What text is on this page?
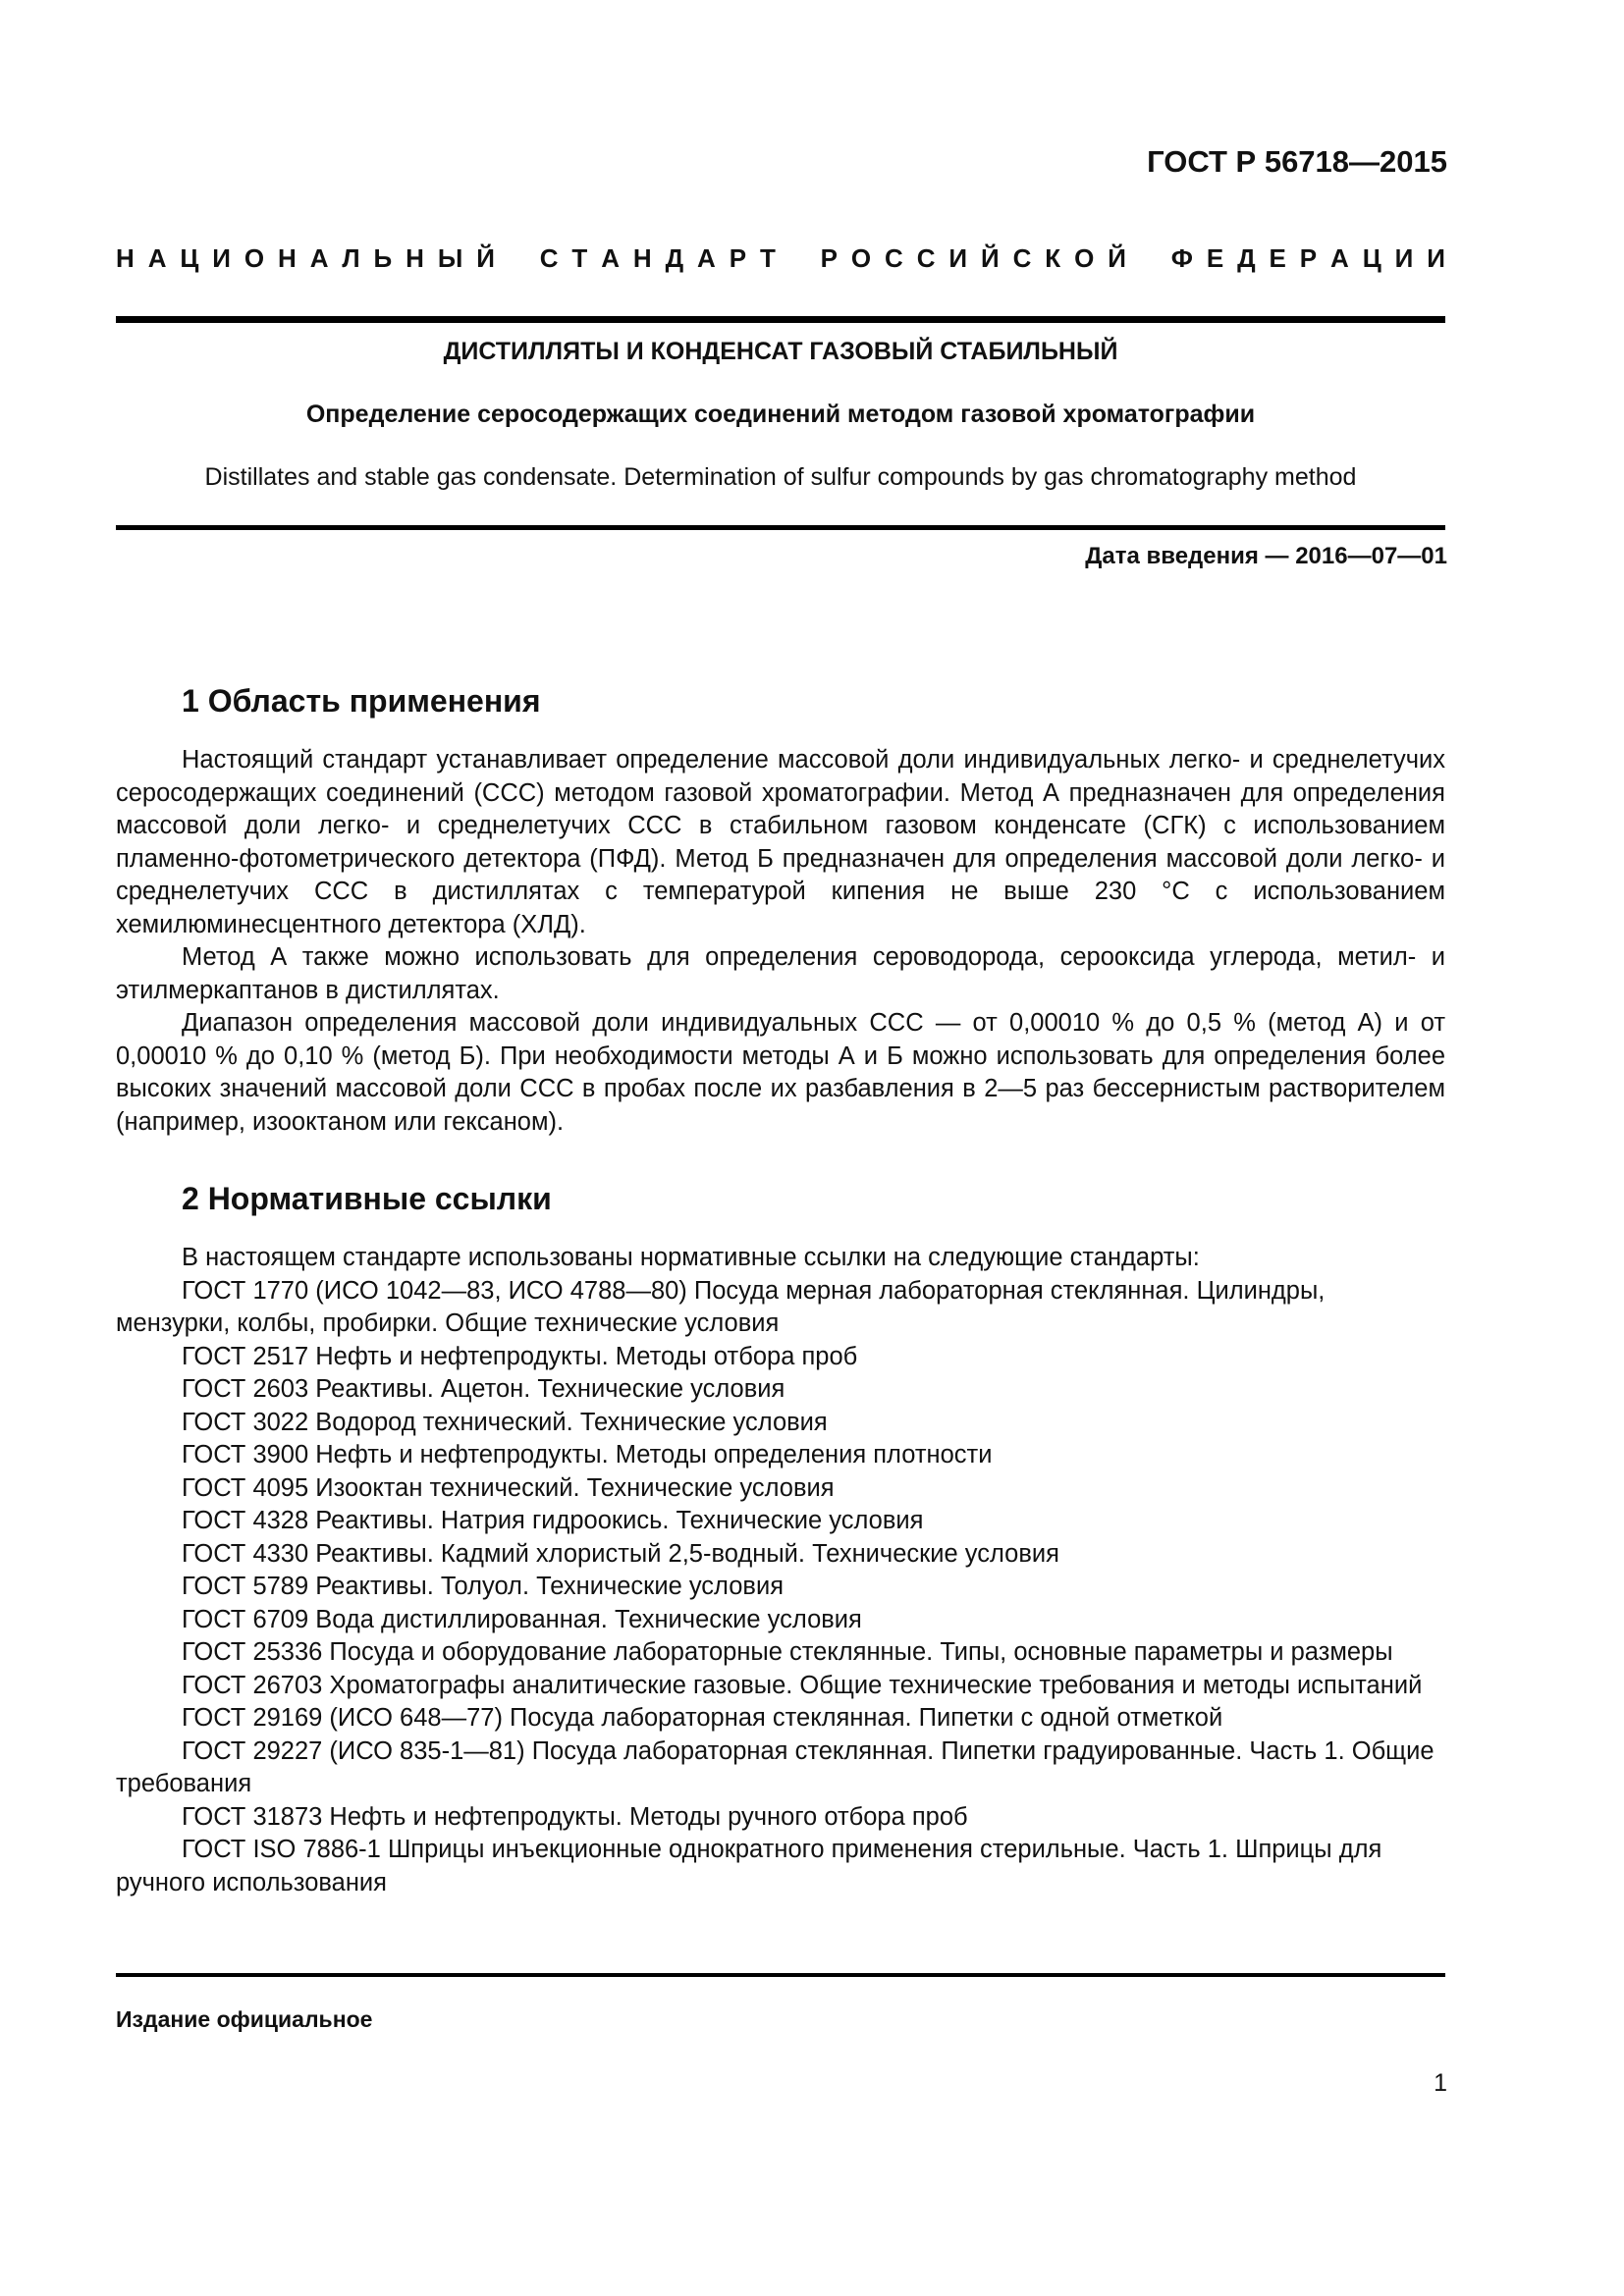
ГОСТ Р 56718—2015
Н А Ц И О Н А Л Ь Н Ы Й
С Т А Н Д А Р Т
Р О С С И Й С К О Й
Ф Е Д Е Р А Ц И И
ДИСТИЛЛЯТЫ И КОНДЕНСАТ ГАЗОВЫЙ СТАБИЛЬНЫЙ
Определение серосодержащих соединений методом газовой хроматографии
Distillates and stable gas condensate. Determination of sulfur compounds by gas chromatography method
Дата введения — 2016—07—01
1 Область применения

Настоящий стандарт устанавливает определение массовой доли индивидуальных легко- и среднелетучих серосодержащих соединений (ССС) методом газовой хроматографии. Метод А предназначен для определения массовой доли легко- и среднелетучих ССС в стабильном газовом конденсате (СГК) с использованием пламенно-фотометрического детектора (ПФД). Метод Б предназначен для определения массовой доли легко- и среднелетучих ССС в дистиллятах с температурой кипения не выше 230 °С с использованием хемилюминесцентного детектора (ХЛД).

Метод А также можно использовать для определения сероводорода, серооксида углерода, метил- и этилмеркаптанов в дистиллятах.

Диапазон определения массовой доли индивидуальных ССС — от 0,00010 % до 0,5 % (метод А) и от 0,00010 % до 0,10 % (метод Б). При необходимости методы А и Б можно использовать для определения более высоких значений массовой доли ССС в пробах после их разбавления в 2—5 раз бессернистым растворителем (например, изооктаном или гексаном).

2 Нормативные ссылки

В настоящем стандарте использованы нормативные ссылки на следующие стандарты:

ГОСТ 1770 (ИСО 1042—83, ИСО 4788—80) Посуда мерная лабораторная стеклянная. Цилиндры, мензурки, колбы, пробирки. Общие технические условия

ГОСТ 2517 Нефть и нефтепродукты. Методы отбора проб

ГОСТ 2603 Реактивы. Ацетон. Технические условия

ГОСТ 3022 Водород технический. Технические условия

ГОСТ 3900 Нефть и нефтепродукты. Методы определения плотности

ГОСТ 4095 Изооктан технический. Технические условия

ГОСТ 4328 Реактивы. Натрия гидроокись. Технические условия

ГОСТ 4330 Реактивы. Кадмий хлористый 2,5-водный. Технические условия

ГОСТ 5789 Реактивы. Толуол. Технические условия

ГОСТ 6709 Вода дистиллированная. Технические условия

ГОСТ 25336 Посуда и оборудование лабораторные стеклянные. Типы, основные параметры и размеры

ГОСТ 26703 Хроматографы аналитические газовые. Общие технические требования и методы испытаний

ГОСТ 29169 (ИСО 648—77) Посуда лабораторная стеклянная. Пипетки с одной отметкой

ГОСТ 29227 (ИСО 835-1—81) Посуда лабораторная стеклянная. Пипетки градуированные. Часть 1. Общие требования

ГОСТ 31873 Нефть и нефтепродукты. Методы ручного отбора проб

ГОСТ ISO 7886-1 Шприцы инъекционные однократного применения стерильные. Часть 1. Шприцы для ручного использования

Издание официальное
1
